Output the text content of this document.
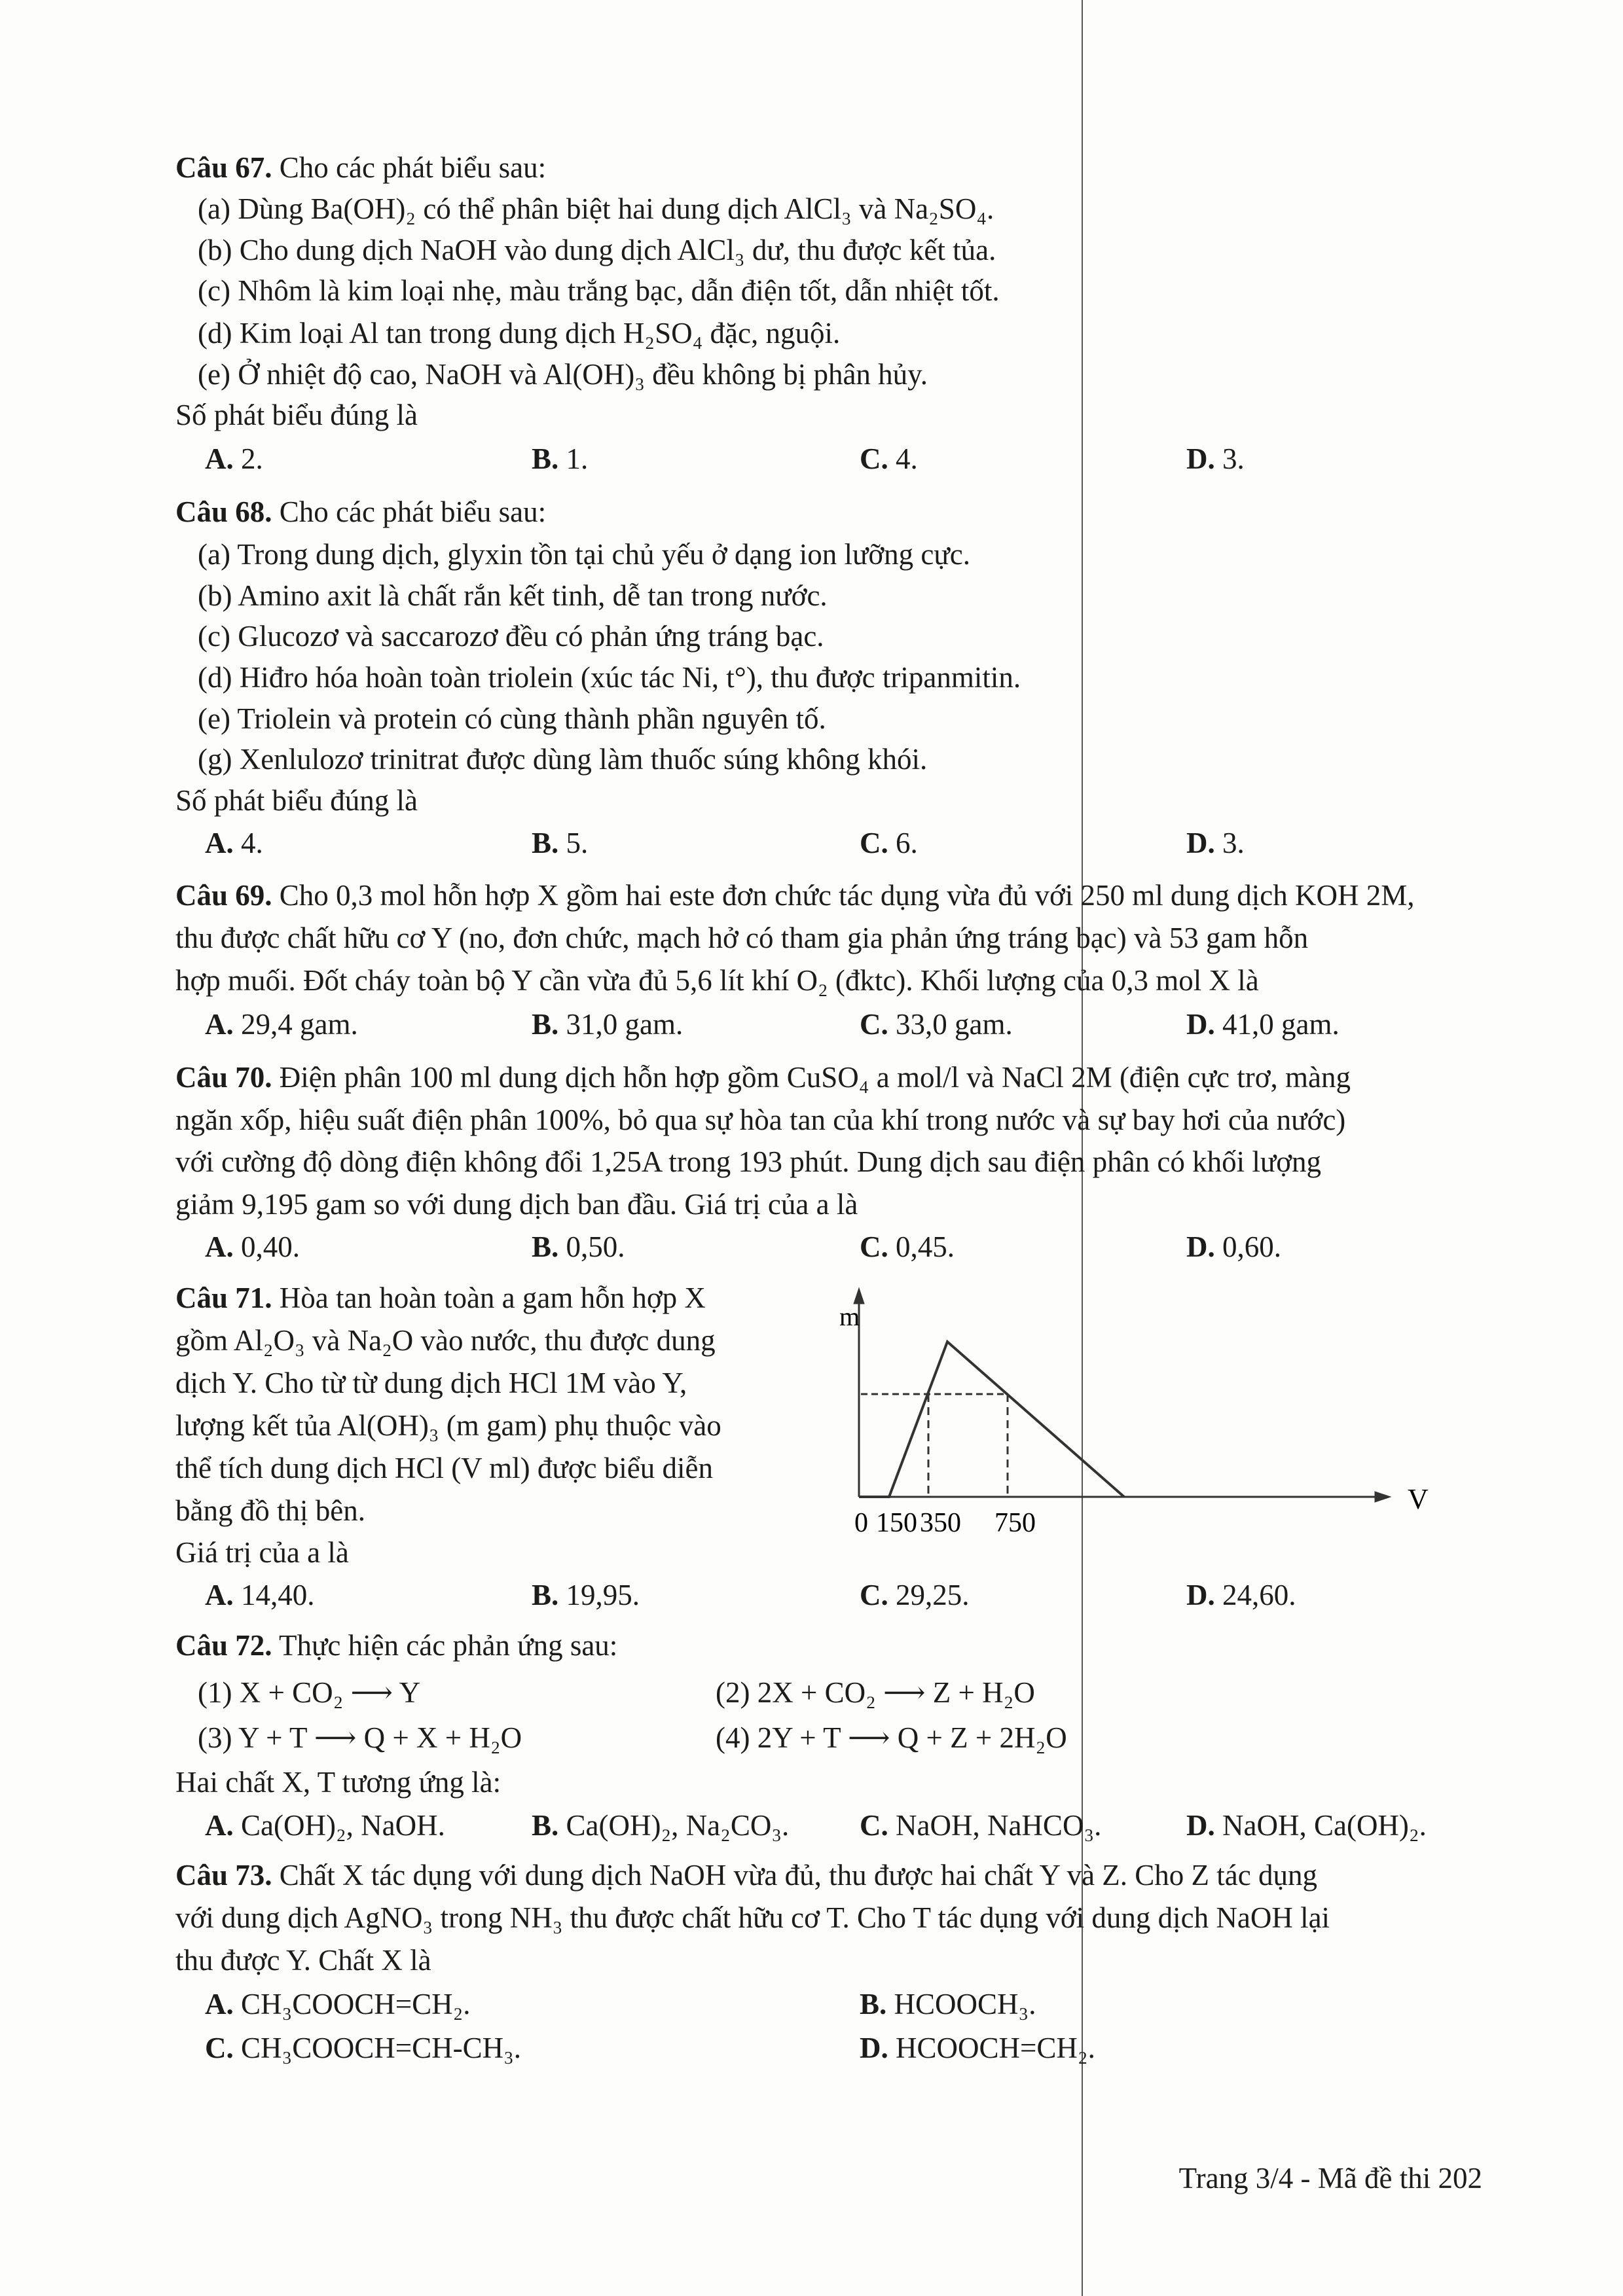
Câu 67. Cho các phát biểu sau:
(a) Dùng Ba(OH)₂ có thể phân biệt hai dung dịch AlCl₃ và Na₂SO₄.
(b) Cho dung dịch NaOH vào dung dịch AlCl₃ dư, thu được kết tủa.
(c) Nhôm là kim loại nhẹ, màu trắng bạc, dẫn điện tốt, dẫn nhiệt tốt.
(d) Kim loại Al tan trong dung dịch H₂SO₄ đặc, nguội.
(e) Ở nhiệt độ cao, NaOH và Al(OH)₃ đều không bị phân hủy.
Số phát biểu đúng là
A. 2.	B. 1.	C. 4.	D. 3.
Câu 68. Cho các phát biểu sau:
(a) Trong dung dịch, glyxin tồn tại chủ yếu ở dạng ion lưỡng cực.
(b) Amino axit là chất rắn kết tinh, dễ tan trong nước.
(c) Glucozơ và saccarozơ đều có phản ứng tráng bạc.
(d) Hiđro hóa hoàn toàn triolein (xúc tác Ni, t°), thu được tripanmitin.
(e) Triolein và protein có cùng thành phần nguyên tố.
(g) Xenlulozơ trinitrat được dùng làm thuốc súng không khói.
Số phát biểu đúng là
A. 4.	B. 5.	C. 6.	D. 3.
Câu 69. Cho 0,3 mol hỗn hợp X gồm hai este đơn chức tác dụng vừa đủ với 250 ml dung dịch KOH 2M,
thu được chất hữu cơ Y (no, đơn chức, mạch hở có tham gia phản ứng tráng bạc) và 53 gam hỗn
hợp muối. Đốt cháy toàn bộ Y cần vừa đủ 5,6 lít khí O₂ (đktc). Khối lượng của 0,3 mol X là
A. 29,4 gam.	B. 31,0 gam.	C. 33,0 gam.	D. 41,0 gam.
Câu 70. Điện phân 100 ml dung dịch hỗn hợp gồm CuSO₄ a mol/l và NaCl 2M (điện cực trơ, màng
ngăn xốp, hiệu suất điện phân 100%, bỏ qua sự hòa tan của khí trong nước và sự bay hơi của nước)
với cường độ dòng điện không đổi 1,25A trong 193 phút. Dung dịch sau điện phân có khối lượng
giảm 9,195 gam so với dung dịch ban đầu. Giá trị của a là
A. 0,40.	B. 0,50.	C. 0,45.	D. 0,60.
Câu 71. Hòa tan hoàn toàn a gam hỗn hợp X
gồm Al₂O₃ và Na₂O vào nước, thu được dung
dịch Y. Cho từ từ dung dịch HCl 1M vào Y,
lượng kết tủa Al(OH)₃ (m gam) phụ thuộc vào
thể tích dung dịch HCl (V ml) được biểu diễn
bằng đồ thị bên.
Giá trị của a là
m
V
0 150 350 750
A. 14,40.	B. 19,95.	C. 29,25.	D. 24,60.
Câu 72. Thực hiện các phản ứng sau:
(1) X + CO₂ ⟶ Y	(2) 2X + CO₂ ⟶ Z + H₂O
(3) Y + T ⟶ Q + X + H₂O	(4) 2Y + T ⟶ Q + Z + 2H₂O
Hai chất X, T tương ứng là:
A. Ca(OH)₂, NaOH.	B. Ca(OH)₂, Na₂CO₃. C. NaOH, NaHCO₃.	D. NaOH, Ca(OH)₂.
Câu 73. Chất X tác dụng với dung dịch NaOH vừa đủ, thu được hai chất Y và Z. Cho Z tác dụng
với dung dịch AgNO₃ trong NH₃ thu được chất hữu cơ T. Cho T tác dụng với dung dịch NaOH lại
thu được Y. Chất X là
A. CH₃COOCH=CH₂.	B. HCOOCH₃.
C. CH₃COOCH=CH-CH₃.	D. HCOOCH=CH₂.
Trang 3/4 - Mã đề thi 202
